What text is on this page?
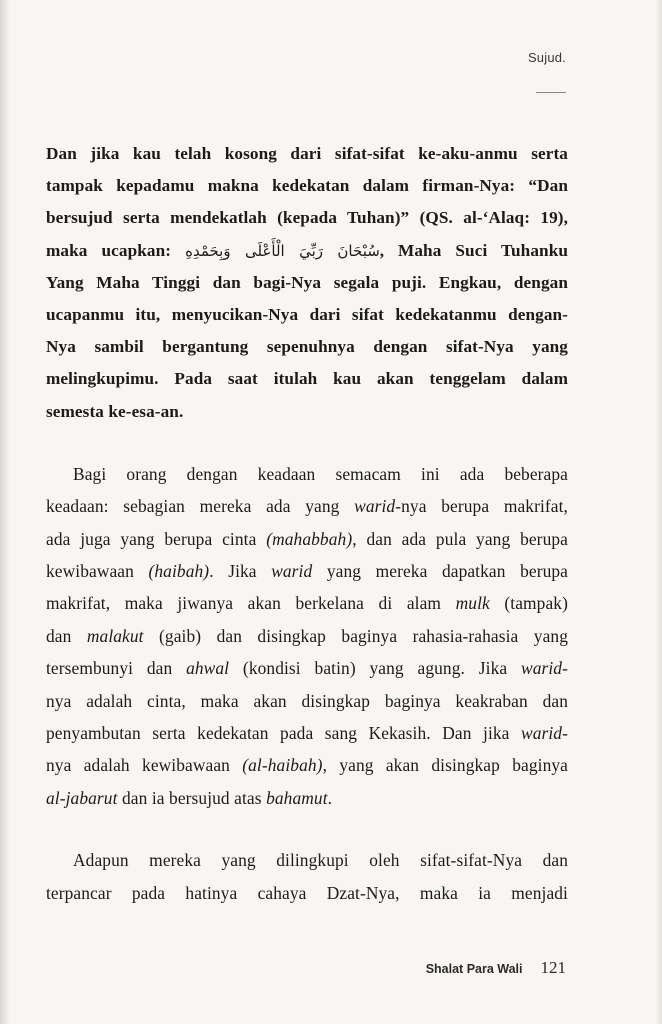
Sujud.

Dan jika kau telah kosong dari sifat-sifat ke-aku-anmu serta
tampak kepadamu makna kedekatan dalam firman-Nya: “Dan
bersujud serta mendekatlah (kepada Tuhan)” (QS. al-‘Alaq: 19),
maka ucapkan: سُبْحَانَ رَبِّيَ الْأَعْلَى وَبِحَمْدِهِ, Maha Suci Tuhanku
Yang Maha Tinggi dan bagi-Nya segala puji. Engkau, dengan
ucapanmu itu, menyucikan-Nya dari sifat kedekatanmu dengan-
Nya sambil bergantung sepenuhnya dengan sifat-Nya yang
melingkupimu. Pada saat itulah kau akan tenggelam dalam
semesta ke-esa-an.

Bagi orang dengan keadaan semacam ini ada beberapa
keadaan: sebagian mereka ada yang warid-nya berupa makrifat,
ada juga yang berupa cinta (mahabbah), dan ada pula yang berupa
kewibawaan (haibah). Jika warid yang mereka dapatkan berupa
makrifat, maka jiwanya akan berkelana di alam mulk (tampak)
dan malakut (gaib) dan disingkap baginya rahasia-rahasia yang
tersembunyi dan ahwal (kondisi batin) yang agung. Jika warid-
nya adalah cinta, maka akan disingkap baginya keakraban dan
penyambutan serta kedekatan pada sang Kekasih. Dan jika warid-
nya adalah kewibawaan (al-haibah), yang akan disingkap baginya
al-jabarut dan ia bersujud atas bahamut.

Adapun mereka yang dilingkupi oleh sifat-sifat-Nya dan
terpancar pada hatinya cahaya Dzat-Nya, maka ia menjadi

Shalat Para Wali 121
